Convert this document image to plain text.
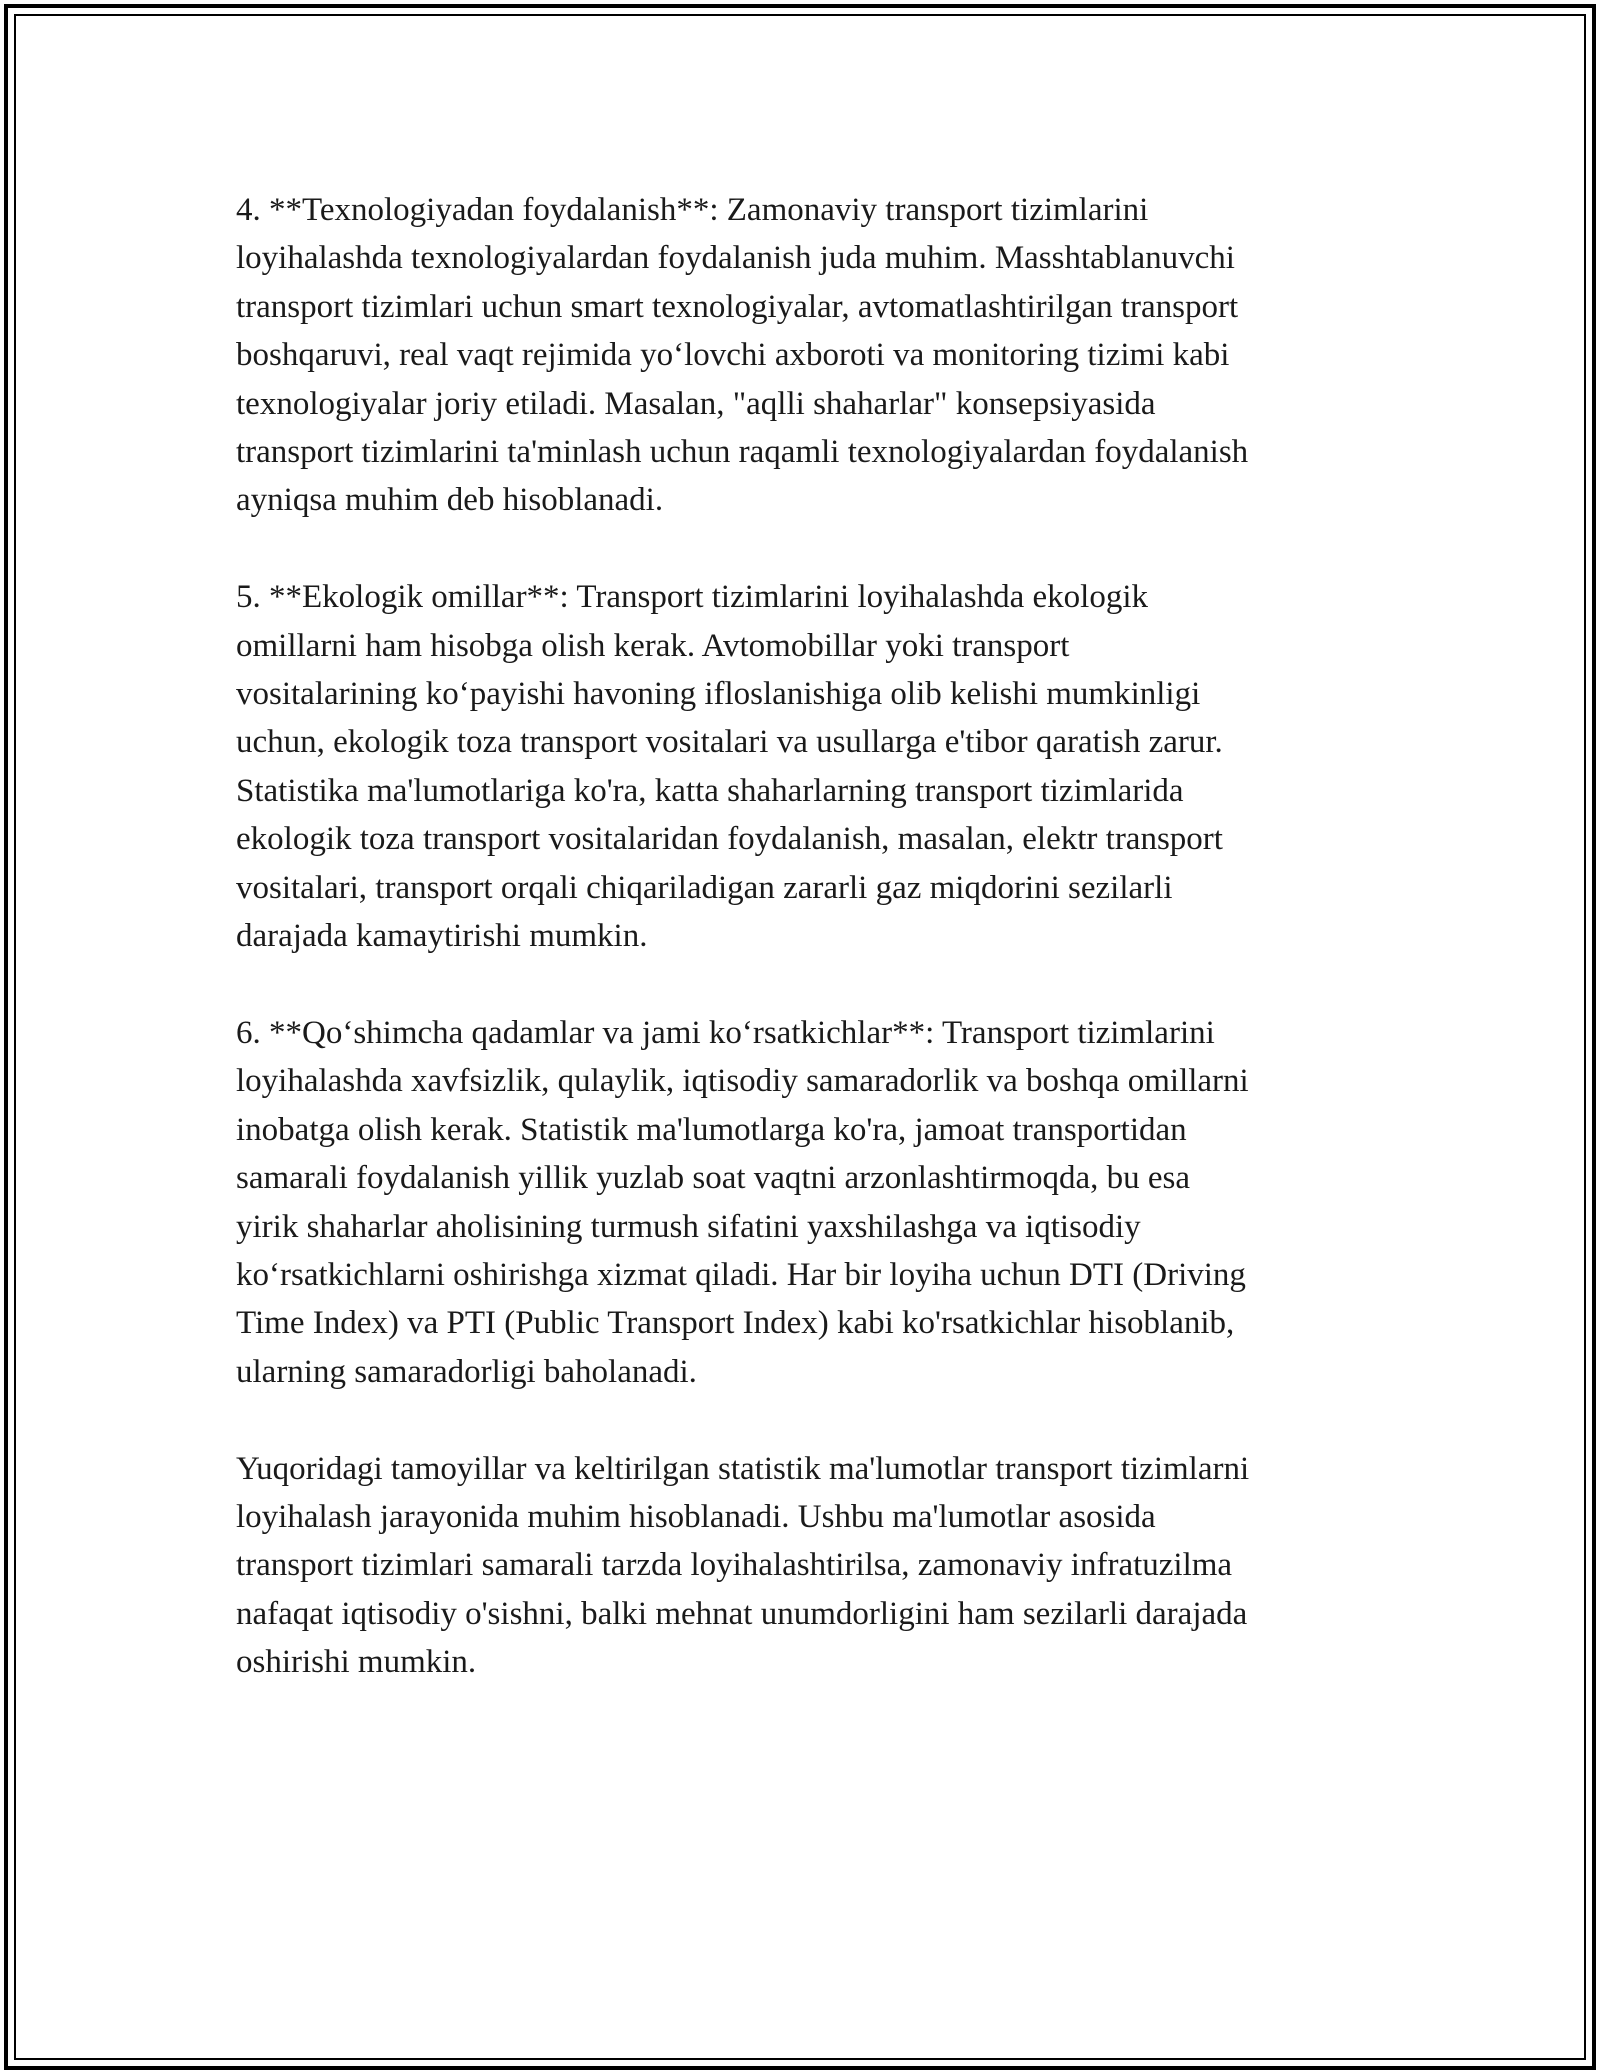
4. **Texnologiyadan foydalanish**: Zamonaviy transport tizimlarini
loyihalashda texnologiyalardan foydalanish juda muhim. Masshtablanuvchi
transport tizimlari uchun smart texnologiyalar, avtomatlashtirilgan transport
boshqaruvi, real vaqt rejimida yo‘lovchi axboroti va monitoring tizimi kabi
texnologiyalar joriy etiladi. Masalan, "aqlli shaharlar" konsepsiyasida
transport tizimlarini ta'minlash uchun raqamli texnologiyalardan foydalanish
ayniqsa muhim deb hisoblanadi.

5. **Ekologik omillar**: Transport tizimlarini loyihalashda ekologik
omillarni ham hisobga olish kerak. Avtomobillar yoki transport
vositalarining ko‘payishi havoning ifloslanishiga olib kelishi mumkinligi
uchun, ekologik toza transport vositalari va usullarga e'tibor qaratish zarur.
Statistika ma'lumotlariga ko'ra, katta shaharlarning transport tizimlarida
ekologik toza transport vositalaridan foydalanish, masalan, elektr transport
vositalari, transport orqali chiqariladigan zararli gaz miqdorini sezilarli
darajada kamaytirishi mumkin.

6. **Qo‘shimcha qadamlar va jami ko‘rsatkichlar**: Transport tizimlarini
loyihalashda xavfsizlik, qulaylik, iqtisodiy samaradorlik va boshqa omillarni
inobatga olish kerak. Statistik ma'lumotlarga ko'ra, jamoat transportidan
samarali foydalanish yillik yuzlab soat vaqtni arzonlashtirmoqda, bu esa
yirik shaharlar aholisining turmush sifatini yaxshilashga va iqtisodiy
ko‘rsatkichlarni oshirishga xizmat qiladi. Har bir loyiha uchun DTI (Driving
Time Index) va PTI (Public Transport Index) kabi ko'rsatkichlar hisoblanib,
ularning samaradorligi baholanadi.

Yuqoridagi tamoyillar va keltirilgan statistik ma'lumotlar transport tizimlarni
loyihalash jarayonida muhim hisoblanadi. Ushbu ma'lumotlar asosida
transport tizimlari samarali tarzda loyihalashtirilsa, zamonaviy infratuzilma
nafaqat iqtisodiy o'sishni, balki mehnat unumdorligini ham sezilarli darajada
oshirishi mumkin.
